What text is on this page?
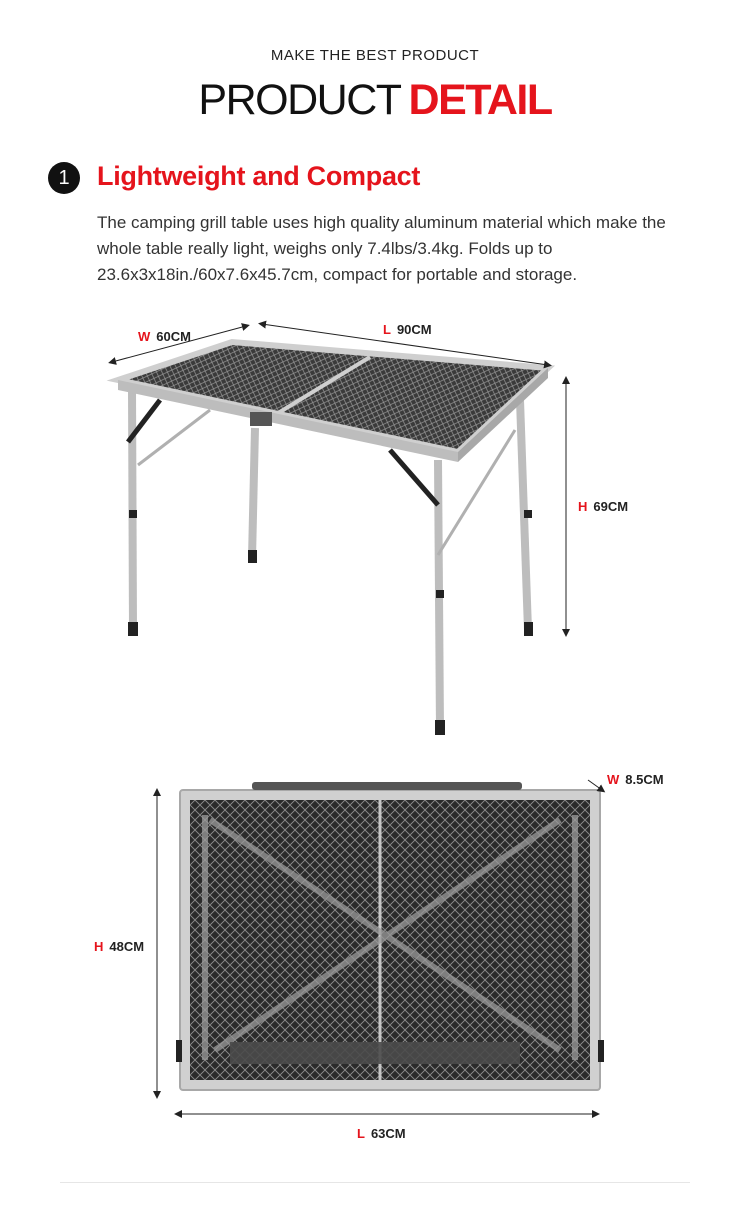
MAKE THE BEST PRODUCT
PRODUCT DETAIL
1	Lightweight and Compact
The camping grill table uses high quality aluminum material which make the whole table really light, weighs only 7.4lbs/3.4kg. Folds up to 23.6x3x18in./60x7.6x45.7cm, compact for portable and storage.
W 60CM	L 90CM
H 69CM
W 8.5CM
H 48CM
L 63CM
